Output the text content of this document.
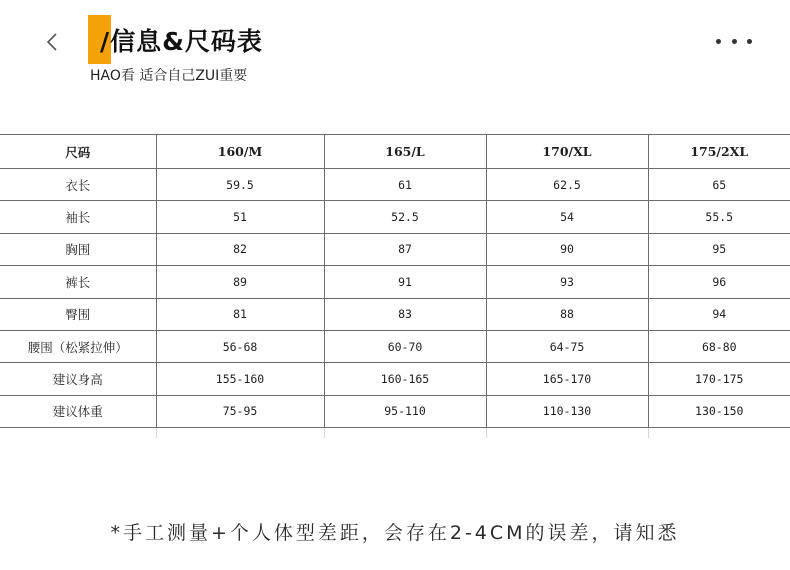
/信息&尺码表
HAO看 适合自己ZUI重要
尺码	160/M	165/L	170/XL	175/2XL
衣长	59.5	61	62.5	65
袖长	51	52.5	54	55.5
胸围	82	87	90	95
裤长	89	91	93	96
臀围	81	83	88	94
腰围（松紧拉伸）	56-68	60-70	64-75	68-80
建议身高	155-160	160-165	165-170	170-175
建议体重	75-95	95-110	110-130	130-150

*手工测量+个人体型差距，会存在2-4CM的误差，请知悉
